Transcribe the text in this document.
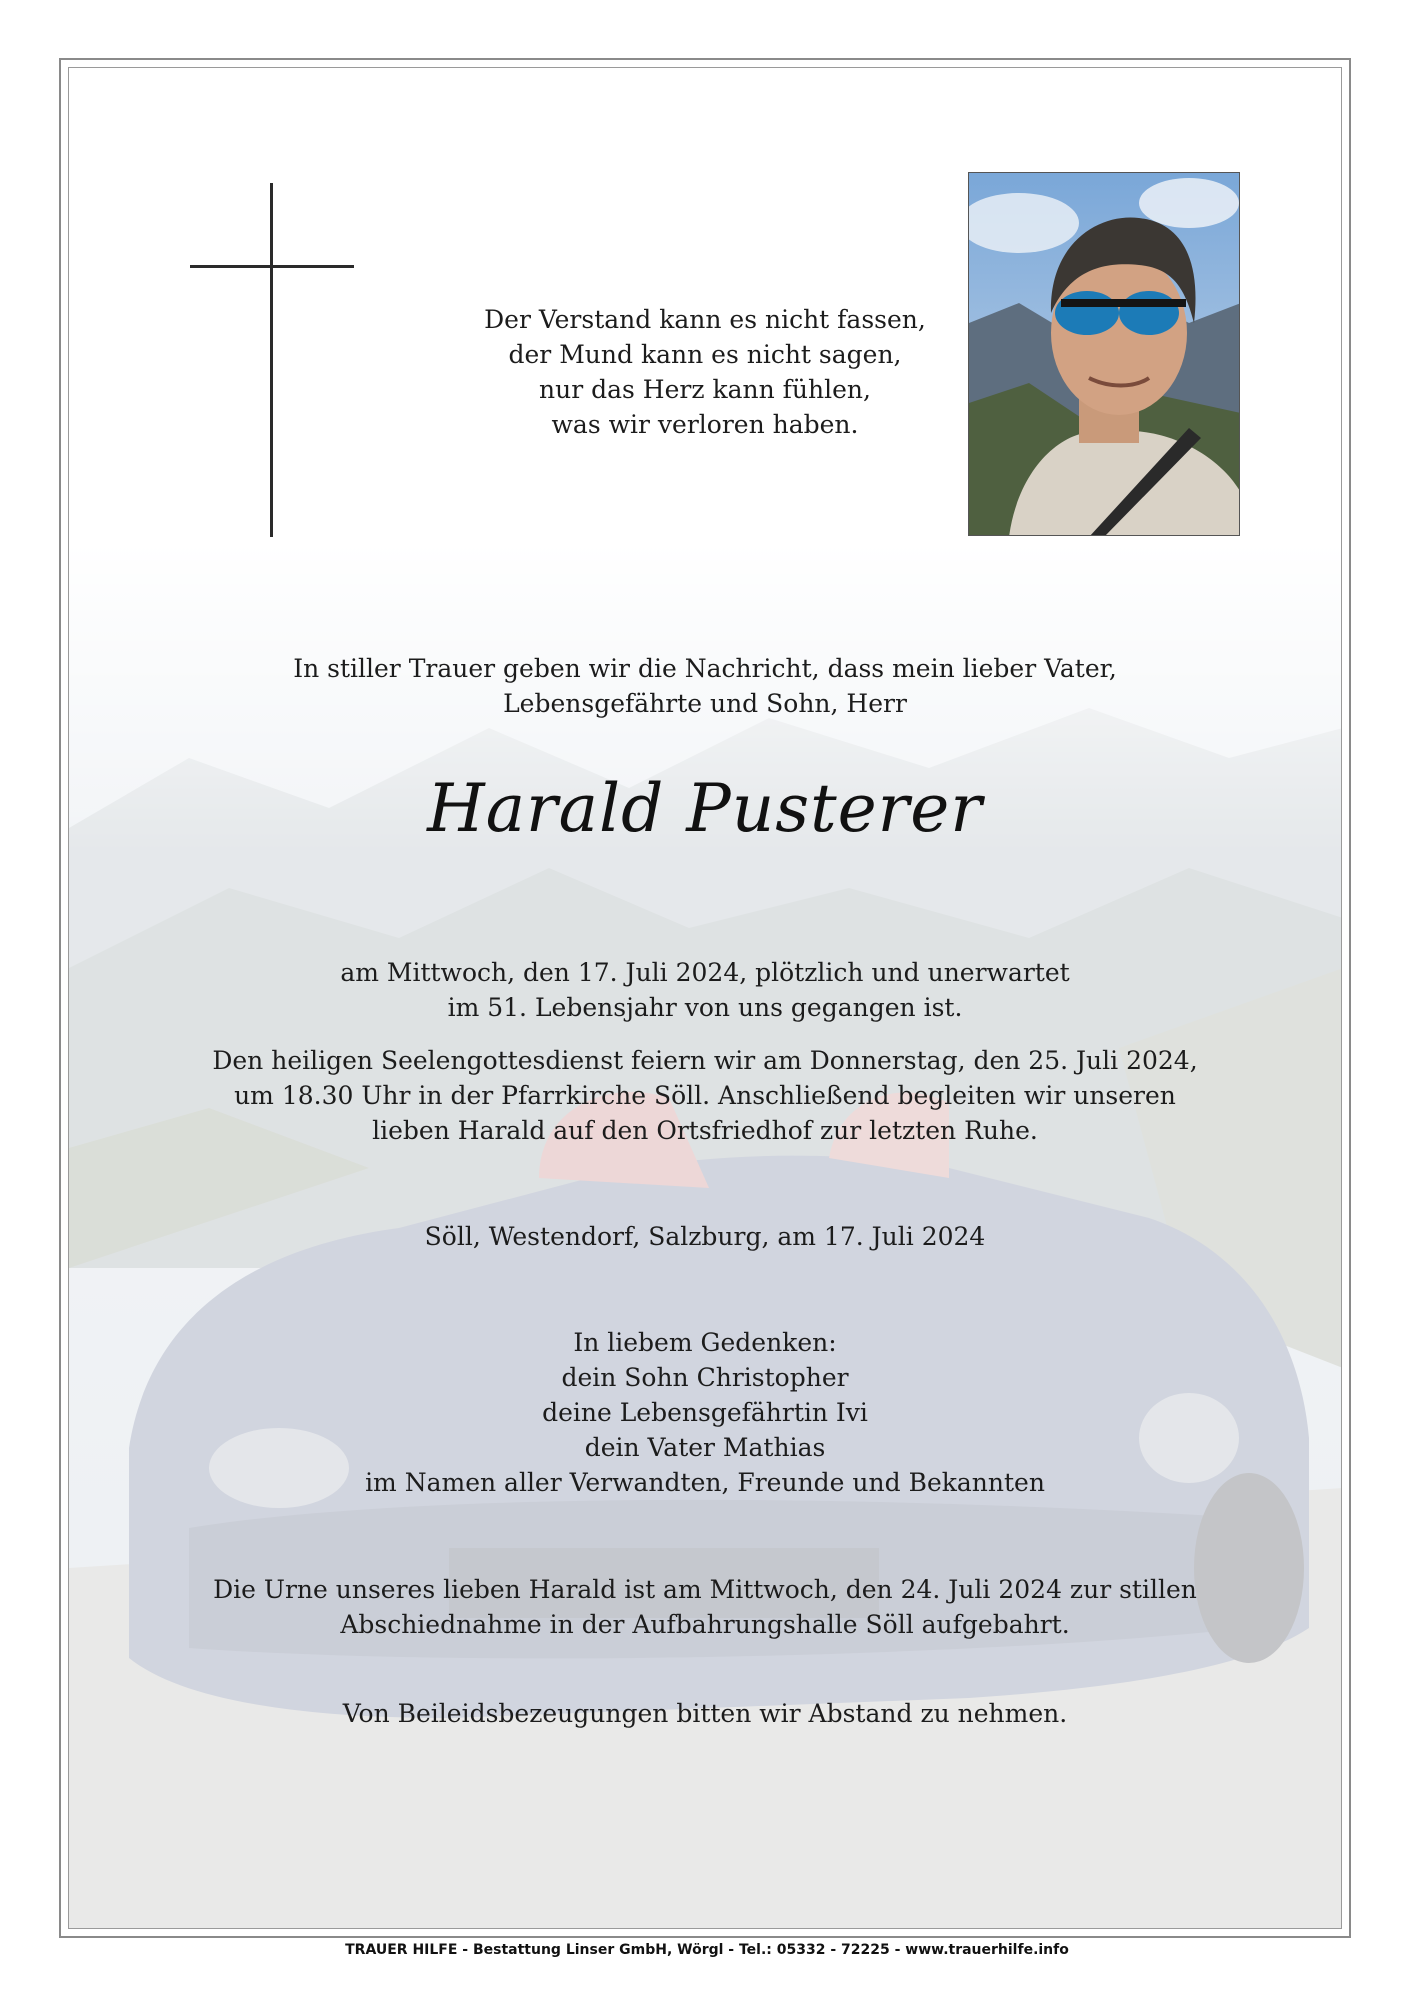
Der Verstand kann es nicht fassen,
der Mund kann es nicht sagen,
nur das Herz kann fühlen,
was wir verloren haben.
In stiller Trauer geben wir die Nachricht, dass mein lieber Vater,
Lebensgefährte und Sohn, Herr
Harald Pusterer
am Mittwoch, den 17. Juli 2024, plötzlich und unerwartet
im 51. Lebensjahr von uns gegangen ist.
Den heiligen Seelengottesdienst feiern wir am Donnerstag, den 25. Juli 2024,
um 18.30 Uhr in der Pfarrkirche Söll. Anschließend begleiten wir unseren
lieben Harald auf den Ortsfriedhof zur letzten Ruhe.
Söll, Westendorf, Salzburg, am 17. Juli 2024
In liebem Gedenken:
dein Sohn Christopher
deine Lebensgefährtin Ivi
dein Vater Mathias
im Namen aller Verwandten, Freunde und Bekannten
Die Urne unseres lieben Harald ist am Mittwoch, den 24. Juli 2024 zur stillen
Abschiednahme in der Aufbahrungshalle Söll aufgebahrt.
Von Beileidsbezeugungen bitten wir Abstand zu nehmen.
TRAUER HILFE - Bestattung Linser GmbH, Wörgl - Tel.: 05332 - 72225 - www.trauerhilfe.info
